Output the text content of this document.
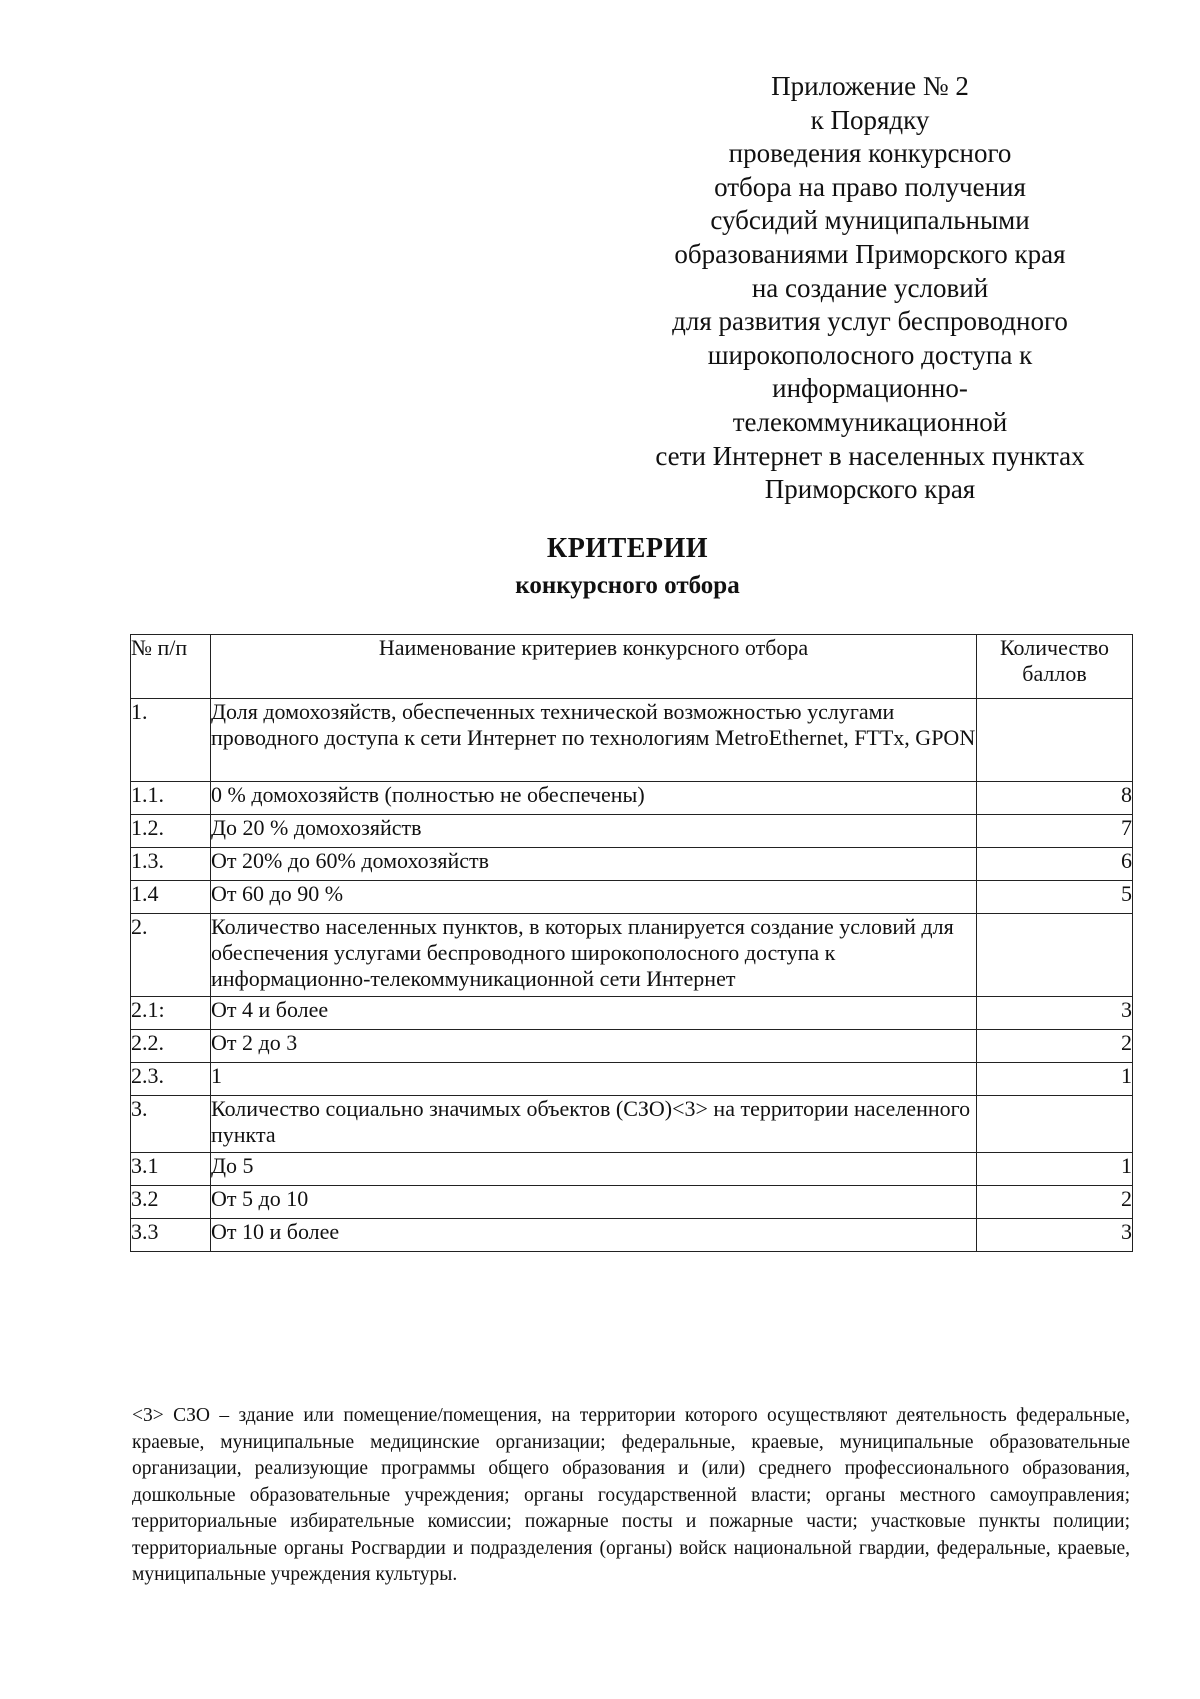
Приложение № 2
к Порядку
проведения конкурсного
отбора на право получения
субсидий муниципальными
образованиями Приморского края
на создание условий
для развития услуг беспроводного
широкополосного доступа к
информационно-
телекоммуникационной
сети Интернет в населенных пунктах
Приморского края
КРИТЕРИИ
конкурсного отбора
№ п/п	Наименование критериев конкурсного отбора	Количество баллов
1.	Доля домохозяйств, обеспеченных технической возможностью услугами проводного доступа к сети Интернет по технологиям MetroEthernet, FTTx, GPON	
1.1.	0 % домохозяйств (полностью не обеспечены)	8
1.2.	До 20 % домохозяйств	7
1.3.	От 20% до 60% домохозяйств	6
1.4	От 60 до 90 %	5
2.	Количество населенных пунктов, в которых планируется создание условий для обеспечения услугами беспроводного широкополосного доступа к информационно-телекоммуникационной сети Интернет	
2.1:	От 4 и более	3
2.2.	От 2 до 3	2
2.3.	1	1
3.	Количество социально значимых объектов (СЗО)<3> на территории населенного пункта	
3.1	До 5	1
3.2	От 5 до 10	2
3.3	От 10 и более	3
<3> СЗО – здание или помещение/помещения, на территории которого осуществляют деятельность федеральные, краевые, муниципальные медицинские организации; федеральные, краевые, муниципальные образовательные организации, реализующие программы общего образования и (или) среднего профессионального образования, дошкольные образовательные учреждения; органы государственной власти; органы местного самоуправления; территориальные избирательные комиссии; пожарные посты и пожарные части; участковые пункты полиции; территориальные органы Росгвардии и подразделения (органы) войск национальной гвардии, федеральные, краевые, муниципальные учреждения культуры.
